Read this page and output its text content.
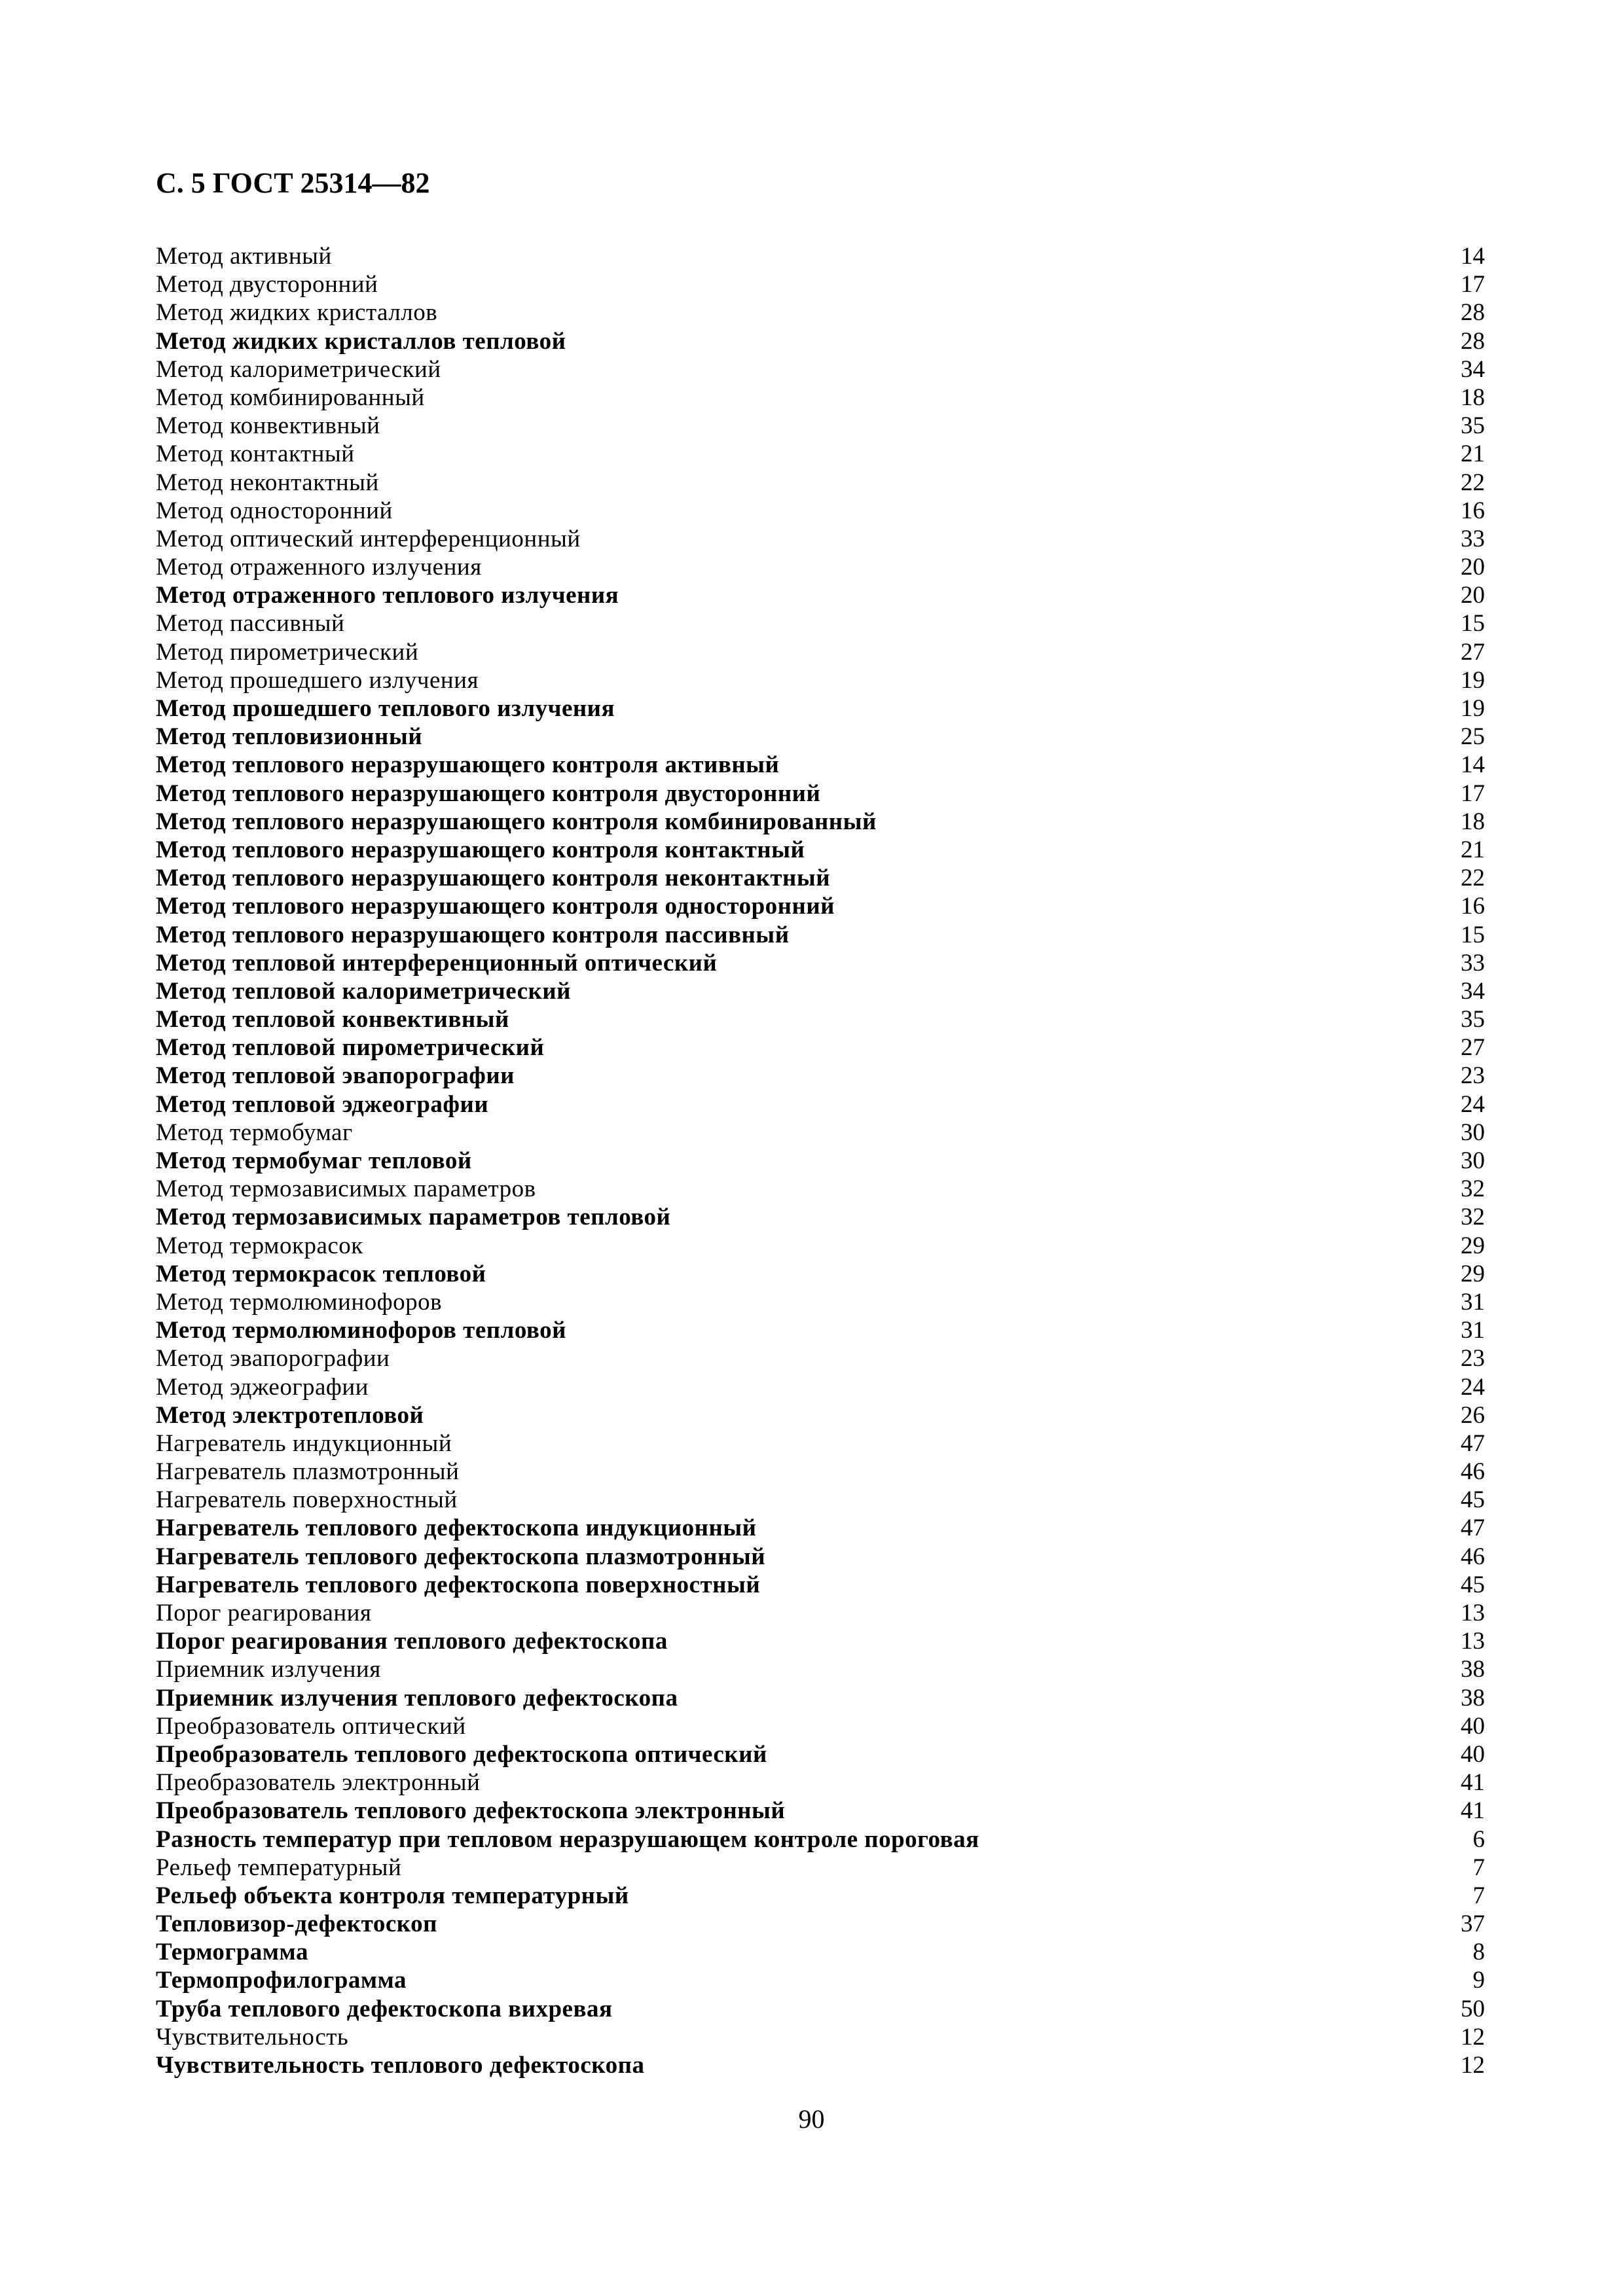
С. 5 ГОСТ 25314—82
Метод активный	14
Метод двусторонний	17
Метод жидких кристаллов	28
Метод жидких кристаллов тепловой	28
Метод калориметрический	34
Метод комбинированный	18
Метод конвективный	35
Метод контактный	21
Метод неконтактный	22
Метод односторонний	16
Метод оптический интерференционный	33
Метод отраженного излучения	20
Метод отраженного теплового излучения	20
Метод пассивный	15
Метод пирометрический	27
Метод прошедшего излучения	19
Метод прошедшего теплового излучения	19
Метод тепловизионный	25
Метод теплового неразрушающего контроля активный	14
Метод теплового неразрушающего контроля двусторонний	17
Метод теплового неразрушающего контроля комбинированный	18
Метод теплового неразрушающего контроля контактный	21
Метод теплового неразрушающего контроля неконтактный	22
Метод теплового неразрушающего контроля односторонний	16
Метод теплового неразрушающего контроля пассивный	15
Метод тепловой интерференционный оптический	33
Метод тепловой калориметрический	34
Метод тепловой конвективный	35
Метод тепловой пирометрический	27
Метод тепловой эвапорографии	23
Метод тепловой эджеографии	24
Метод термобумаг	30
Метод термобумаг тепловой	30
Метод термозависимых параметров	32
Метод термозависимых параметров тепловой	32
Метод термокрасок	29
Метод термокрасок тепловой	29
Метод термолюминофоров	31
Метод термолюминофоров тепловой	31
Метод эвапорографии	23
Метод эджеографии	24
Метод электротепловой	26
Нагреватель индукционный	47
Нагреватель плазмотронный	46
Нагреватель поверхностный	45
Нагреватель теплового дефектоскопа индукционный	47
Нагреватель теплового дефектоскопа плазмотронный	46
Нагреватель теплового дефектоскопа поверхностный	45
Порог реагирования	13
Порог реагирования теплового дефектоскопа	13
Приемник излучения	38
Приемник излучения теплового дефектоскопа	38
Преобразователь оптический	40
Преобразователь теплового дефектоскопа оптический	40
Преобразователь электронный	41
Преобразователь теплового дефектоскопа электронный	41
Разность температур при тепловом неразрушающем контроле пороговая	6
Рельеф температурный	7
Рельеф объекта контроля температурный	7
Тепловизор-дефектоскоп	37
Термограмма	8
Термопрофилограмма	9
Труба теплового дефектоскопа вихревая	50
Чувствительность	12
Чувствительность теплового дефектоскопа	12
90
